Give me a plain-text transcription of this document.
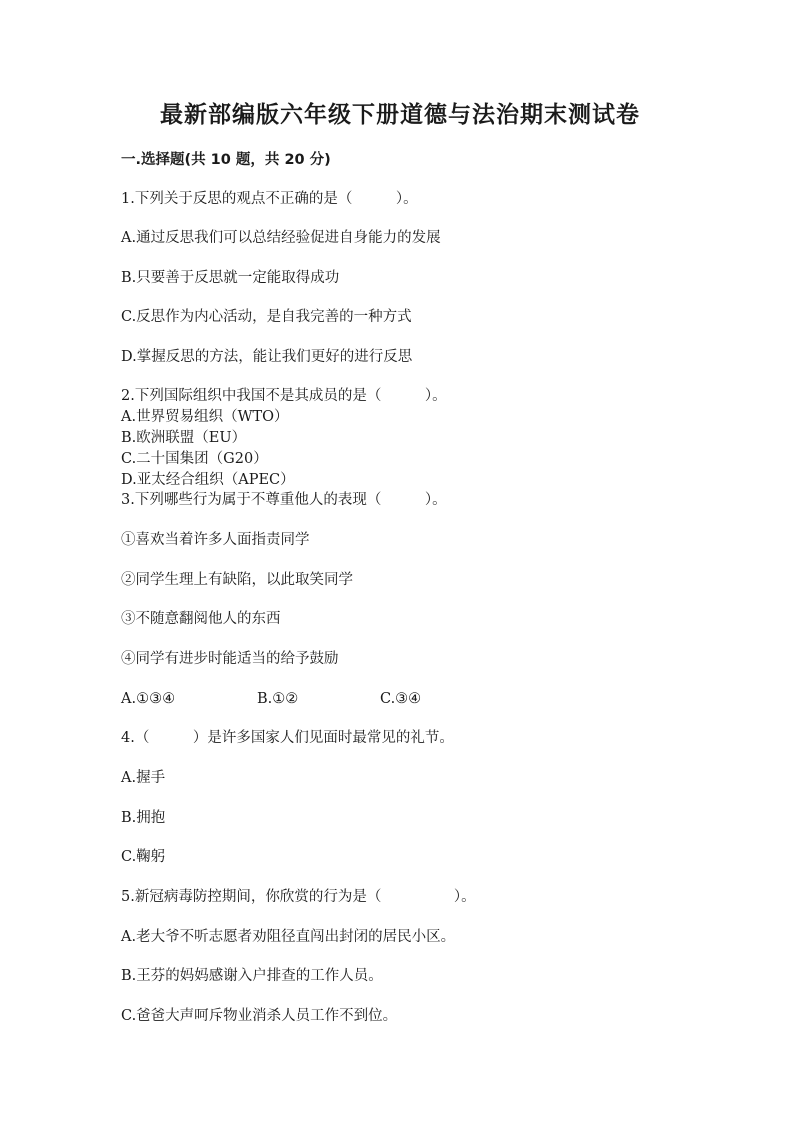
最新部编版六年级下册道德与法治期末测试卷
一.选择题(共 10 题，共 20 分)
1.下列关于反思的观点不正确的是（　　　）。
A.通过反思我们可以总结经验促进自身能力的发展
B.只要善于反思就一定能取得成功
C.反思作为内心活动，是自我完善的一种方式
D.掌握反思的方法，能让我们更好的进行反思
2.下列国际组织中我国不是其成员的是（　　　）。
A.世界贸易组织（WTO）
B.欧洲联盟（EU）
C.二十国集团（G20）
D.亚太经合组织（APEC）
3.下列哪些行为属于不尊重他人的表现（　　　）。
①喜欢当着许多人面指责同学
②同学生理上有缺陷，以此取笑同学
③不随意翻阅他人的东西
④同学有进步时能适当的给予鼓励
A.①③④	B.①②	C.③④
4.（　　　）是许多国家人们见面时最常见的礼节。
A.握手
B.拥抱
C.鞠躬
5.新冠病毒防控期间，你欣赏的行为是（　　　　　）。
A.老大爷不听志愿者劝阻径直闯出封闭的居民小区。
B.王芬的妈妈感谢入户排查的工作人员。
C.爸爸大声呵斥物业消杀人员工作不到位。
